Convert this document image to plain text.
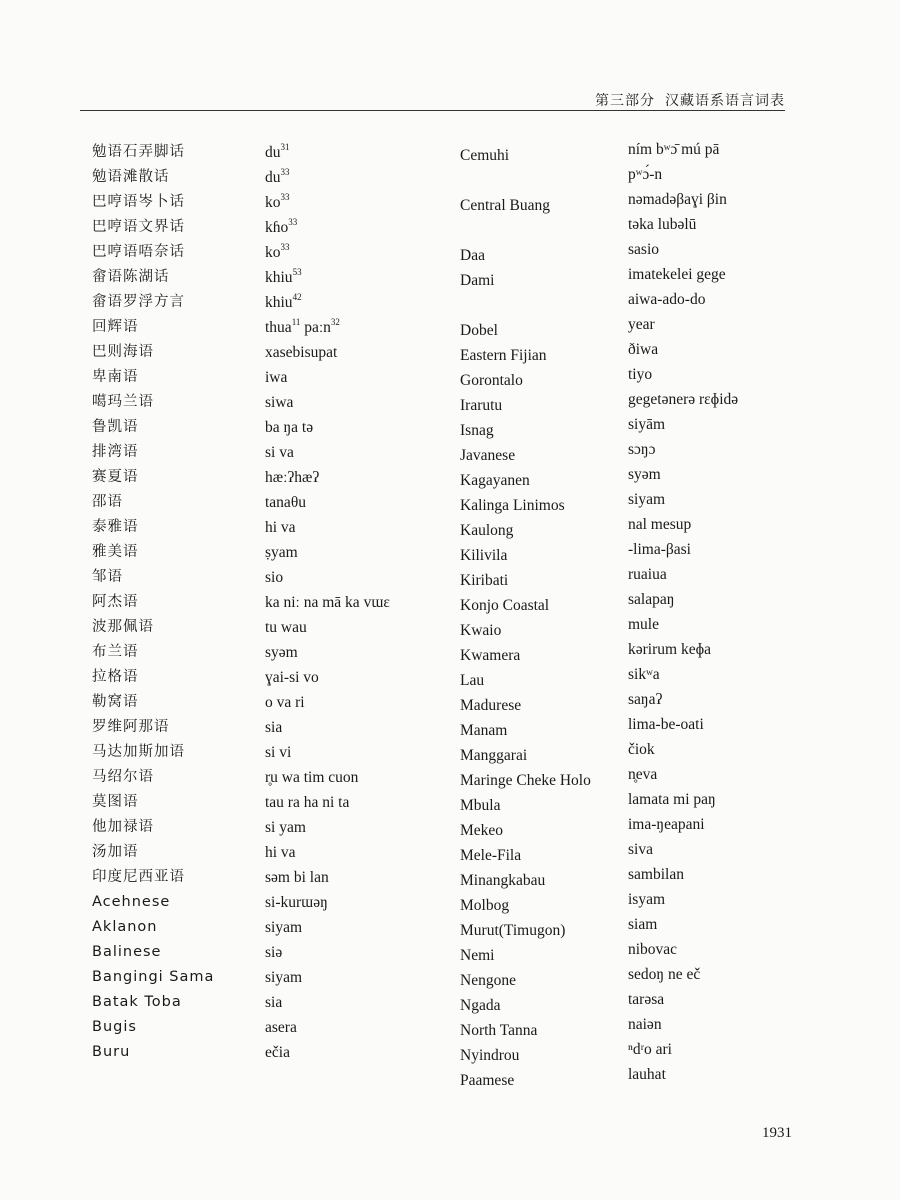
第三部分 汉藏语系语言词表
勉语石弄脚话
勉语滩散话
巴哼语岑卜话
巴哼语文界话
巴哼语唔奈话
畲语陈湖话
畲语罗浮方言
回辉语
巴则海语
卑南语
噶玛兰语
鲁凯语
排湾语
赛夏语
邵语
泰雅语
雅美语
邹语
阿杰语
波那佩语
布兰语
拉格语
勒窝语
罗维阿那语
马达加斯加语
马绍尔语
莫图语
他加禄语
汤加语
印度尼西亚语
Acehnese
Aklanon
Balinese
Bangingi Sama
Batak Toba
Bugis
Buru
$du^{31}$
$du^{33}$
$ko^{33}$
kɦo$^{33}$
$ko^{33}$
khiu$^{53}$
khiu$^{42}$
thua$^{11}$ paːn$^{32}$
xasebisupat
iwa
siwa
ba ŋa tə
si va
hæːʔhæʔ
tanaθu
hi va
ṣyam
sio
ka niː na mā ka vɯɛ
tu wau
syəm
ɣai-si vo
o va ri
sia
si vi
r̥u wa tim cuon
tau ra ha ni ta
si yam
hi va
səm bi lan
si-kurɯəŋ
siyam
siə
siyam
sia
asera
ečia
Cemuhi

Central Buang

Daa
Dami

Dobel
Eastern Fijian
Gorontalo
Irarutu
Isnag
Javanese
Kagayanen
Kalinga Linimos
Kaulong
Kilivila
Kiribati
Konjo Coastal
Kwaio
Kwamera
Lau
Madurese
Manam
Manggarai
Maringe Cheke Holo
Mbula
Mekeo
Mele-Fila
Minangkabau
Molbog
Murut(Timugon)
Nemi
Nengone
Ngada
North Tanna
Nyindrou
Paamese
ním bʷɔ̄ mú pā
pʷɔ́-n
nəmadəβaɣi βin
təka lubəlū
sasio
imatekelei gege
aiwa-ado-do
year
ðiwa
tiyo
gegetənerə rɛɸidə
siyām
sɔŋɔ
syəm
siyam
nal mesup
-lima-βasi
ruaiua
salapaŋ
mule
kərirum keɸa
sikʷa
saŋaʔ
lima-be-oati
čiok
n̥eva
lamata mi paŋ
ima-ŋeapani
siva
sambilan
isyam
siam
nibovac
sedoŋ ne eč
tarəsa
naiən
ⁿdʳo ari
lauhat
1931
